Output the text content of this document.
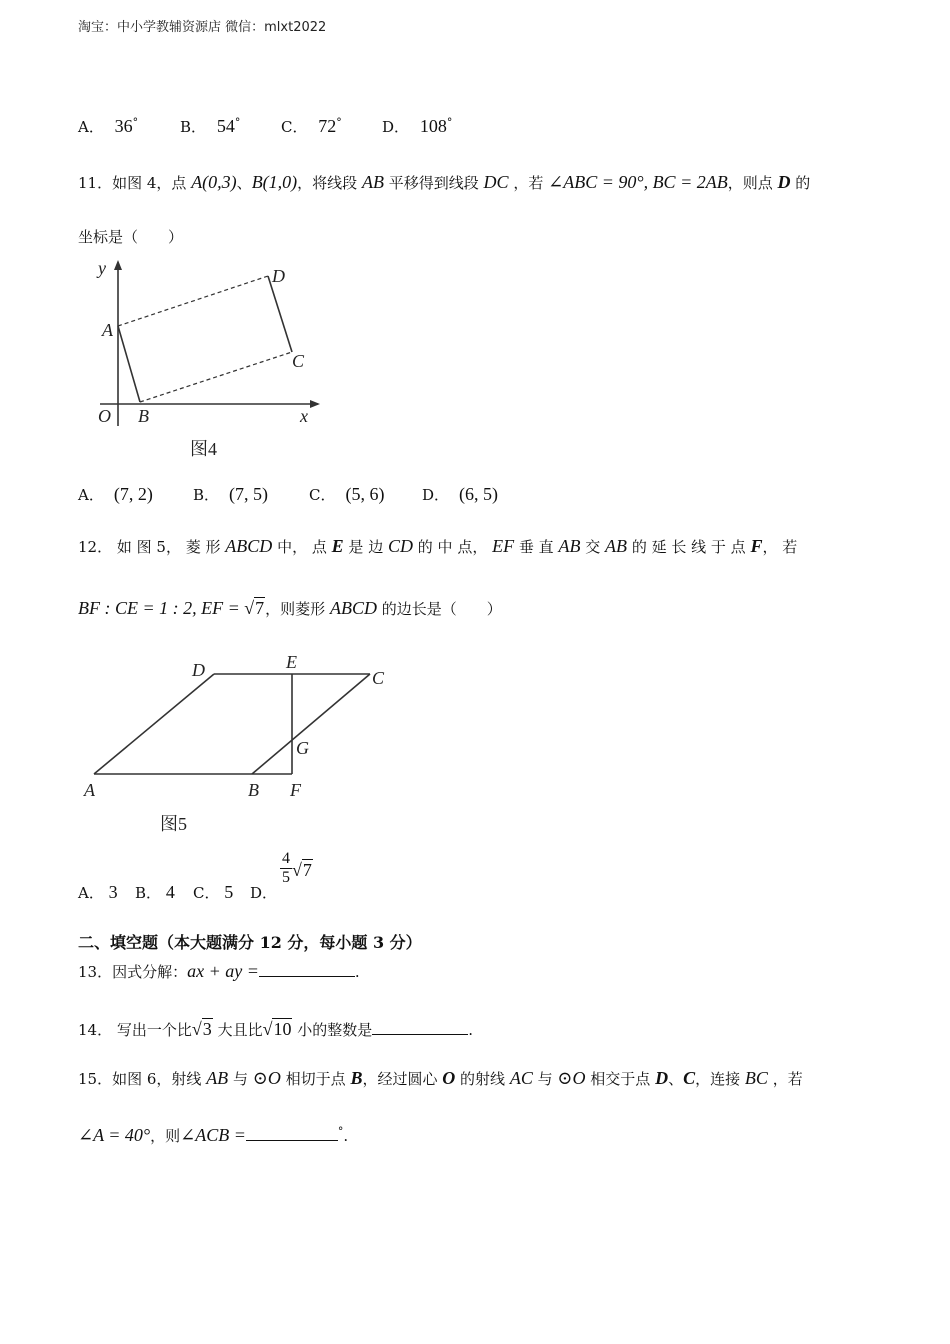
淘宝：中小学教辅资源店 微信：mlxt2022
A． 36°	B． 54°	C． 72°	D． 108°
11．如图 4，点 A(0,3)、B(1,0)，将线段 AB 平移得到线段 DC ，若 ∠ABC = 90°, BC = 2AB，则点 D 的
坐标是（　　）
y
x
O
A
B
C
D
图4
A． (7, 2)	B． (7, 5)	C． (5, 6)	D． (6, 5)
12． 如 图 5， 菱 形 ABCD 中， 点 E 是 边 CD 的 中 点， EF 垂 直 AB 交 AB 的 延 长 线 于 点 F， 若
BF : CE = 1 : 2, EF = √7，则菱形 ABCD 的边长是（　　）
A	B
C
D	E
F
G
图5
A． 3 B． 4 C． 5 D．
$\frac{4}{5} √7$
二、填空题（本大题满分 12 分，每小题 3 分）
13．因式分解：ax + ay =	.
14． 写出一个比√3 大且比√10 小的整数是	.
15．如图 6，射线 AB 与 ⊙O 相切于点 B，经过圆心 O 的射线 AC 与 ⊙O 相交于点 D、C，连接 BC ，若
∠A = 40°，则∠ACB =	°.
